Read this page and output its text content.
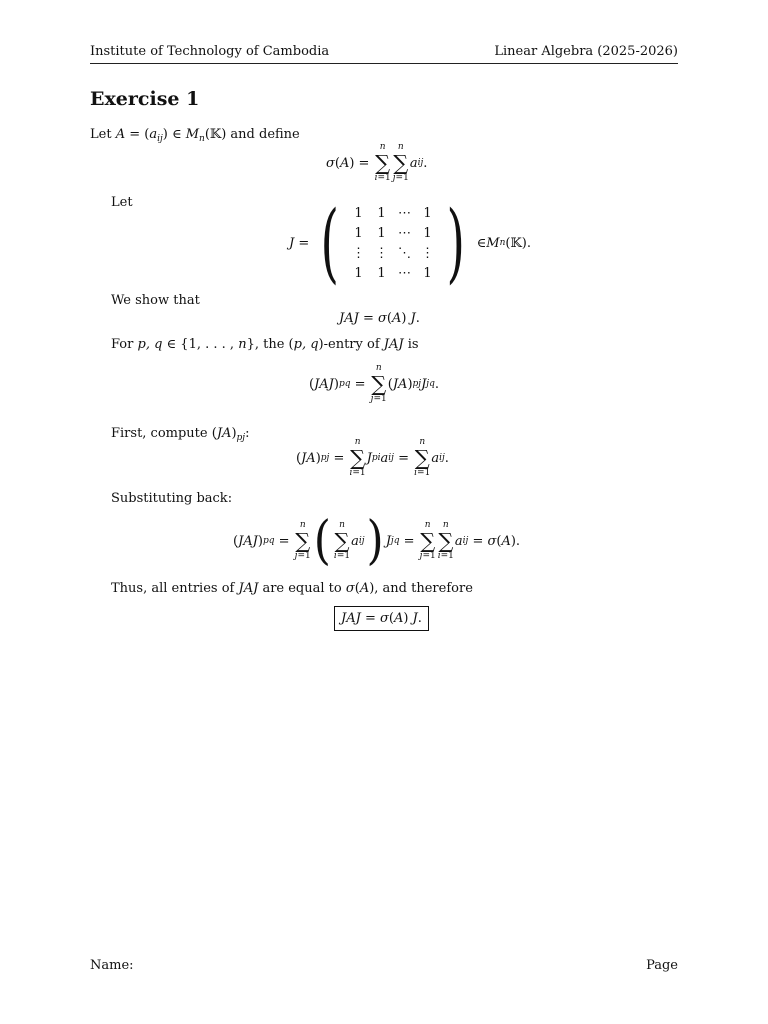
Institute of Technology of Cambodia	Linear Algebra (2025-2026)
Exercise 1
Let $A = (a_{ij})$ ∈ $M_n(𝕂)$ and define
σ ( A ) =
n
∑
i=1
n
∑
j=1
a ij .
Let
J = ( 1	1	⋯	1
1	1	⋯	1
⋮	⋮	⋱	⋮
1	1	⋯	1 ) ∈ M n (𝕂).
We show that
JAJ = σ(A) J.
For p, q ∈ {1, . . . , n}, the (p, q)-entry of JAJ is
( JAJ ) pq =
n
∑
j=1
( JA ) pj J jq .
First, compute $(JA)_{pj}$:
( JA ) pj =
n
∑
i=1
J pi a ij =
n
∑
i=1
a ij .
Substituting back:
( JAJ ) pq =
n
∑
j=1 ( n
∑
i=1
a ij ) J jq =
n
∑
j=1
n
∑
i=1
a ij = σ ( A ).
Thus, all entries of JAJ are equal to σ(A), and therefore
JAJ = σ(A) J.
Name:	Page
